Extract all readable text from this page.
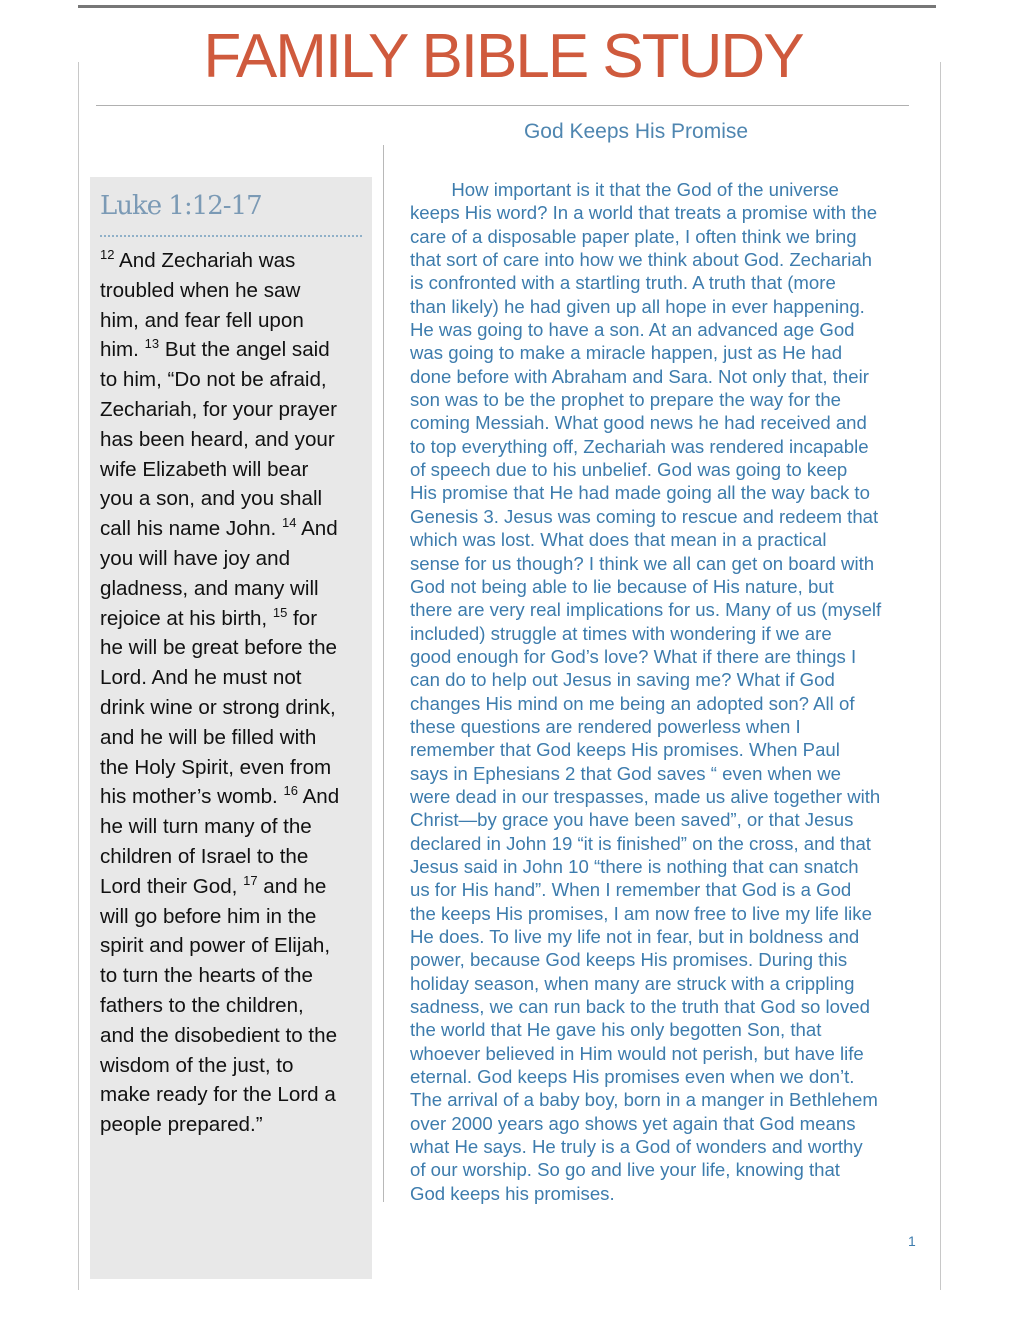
FAMILY BIBLE STUDY
Luke 1:12-17
$^{12}$ And Zechariah was
troubled when he saw
him, and fear fell upon
him. $^{13}$ But the angel said
to him, “Do not be afraid,
Zechariah, for your prayer
has been heard, and your
wife Elizabeth will bear
you a son, and you shall
call his name John. $^{14}$ And
you will have joy and
gladness, and many will
rejoice at his birth, $^{15}$ for
he will be great before the
Lord. And he must not
drink wine or strong drink,
and he will be filled with
the Holy Spirit, even from
his mother’s womb. $^{16}$ And
he will turn many of the
children of Israel to the
Lord their God, $^{17}$ and he
will go before him in the
spirit and power of Elijah,
to turn the hearts of the
fathers to the children,
and the disobedient to the
wisdom of the just, to
make ready for the Lord a
people prepared.”
God Keeps His Promise
How important is it that the God of the universe
keeps His word? In a world that treats a promise with the
care of a disposable paper plate, I often think we bring
that sort of care into how we think about God. Zechariah
is confronted with a startling truth. A truth that (more
than likely) he had given up all hope in ever happening.
He was going to have a son. At an advanced age God
was going to make a miracle happen, just as He had
done before with Abraham and Sara. Not only that, their
son was to be the prophet to prepare the way for the
coming Messiah. What good news he had received and
to top everything off, Zechariah was rendered incapable
of speech due to his unbelief. God was going to keep
His promise that He had made going all the way back to
Genesis 3. Jesus was coming to rescue and redeem that
which was lost. What does that mean in a practical
sense for us though? I think we all can get on board with
God not being able to lie because of His nature, but
there are very real implications for us. Many of us (myself
included) struggle at times with wondering if we are
good enough for God’s love? What if there are things I
can do to help out Jesus in saving me? What if God
changes His mind on me being an adopted son? All of
these questions are rendered powerless when I
remember that God keeps His promises. When Paul
says in Ephesians 2 that God saves “ even when we
were dead in our trespasses, made us alive together with
Christ—by grace you have been saved”, or that Jesus
declared in John 19 “it is finished” on the cross, and that
Jesus said in John 10 “there is nothing that can snatch
us for His hand”. When I remember that God is a God
the keeps His promises, I am now free to live my life like
He does. To live my life not in fear, but in boldness and
power, because God keeps His promises. During this
holiday season, when many are struck with a crippling
sadness, we can run back to the truth that God so loved
the world that He gave his only begotten Son, that
whoever believed in Him would not perish, but have life
eternal. God keeps His promises even when we don’t.
The arrival of a baby boy, born in a manger in Bethlehem
over 2000 years ago shows yet again that God means
what He says. He truly is a God of wonders and worthy
of our worship. So go and live your life, knowing that
God keeps his promises.
1
